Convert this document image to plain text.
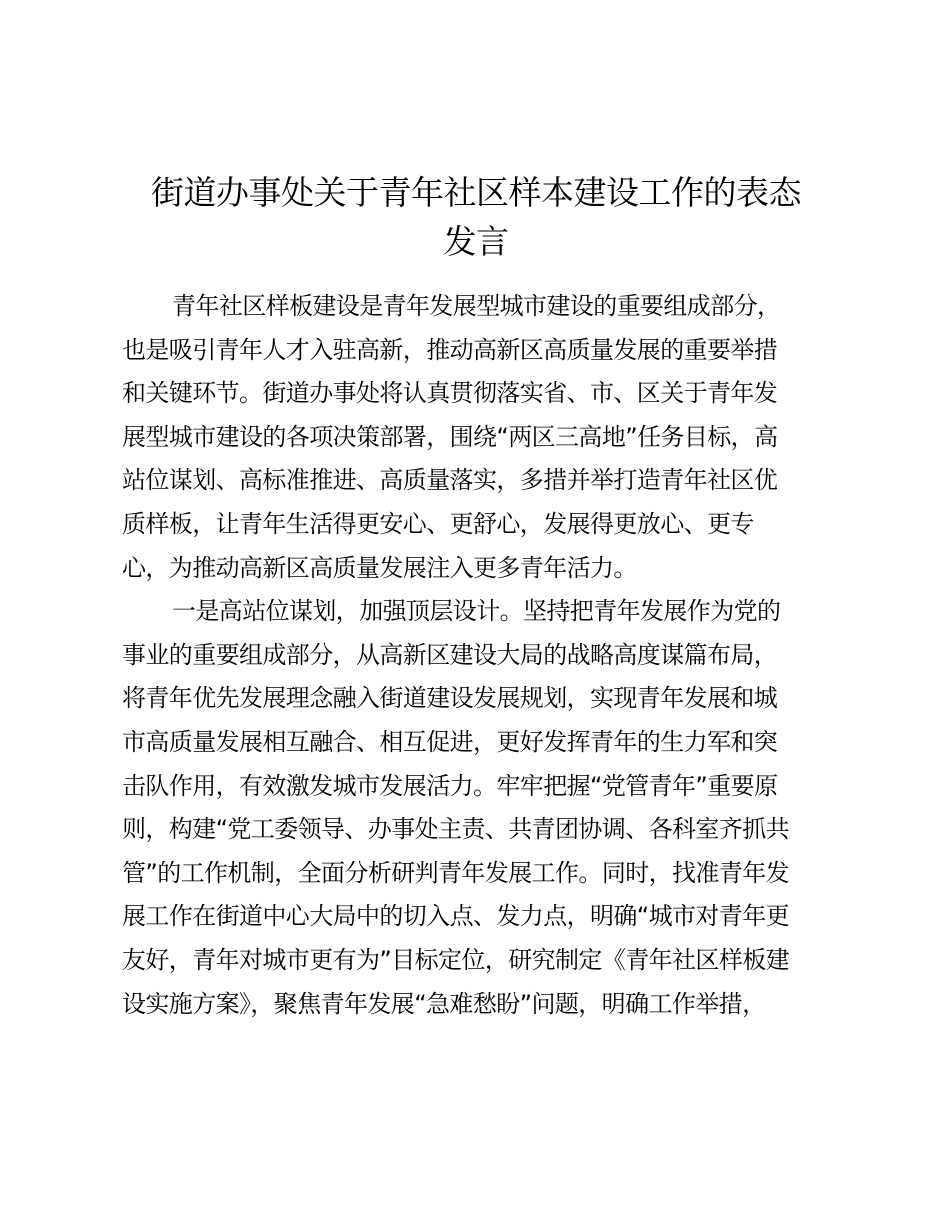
街道办事处关于青年社区样本建设工作的表态
发言
青年社区样板建设是青年发展型城市建设的重要组成部分，
也是吸引青年人才入驻高新，推动高新区高质量发展的重要举措
和关键环节。街道办事处将认真贯彻落实省、市、区关于青年发
展型城市建设的各项决策部署，围绕“两区三高地”任务目标，高
站位谋划、高标准推进、高质量落实，多措并举打造青年社区优
质样板，让青年生活得更安心、更舒心，发展得更放心、更专
心，为推动高新区高质量发展注入更多青年活力。
一是高站位谋划，加强顶层设计。坚持把青年发展作为党的
事业的重要组成部分，从高新区建设大局的战略高度谋篇布局，
将青年优先发展理念融入街道建设发展规划，实现青年发展和城
市高质量发展相互融合、相互促进，更好发挥青年的生力军和突
击队作用，有效激发城市发展活力。牢牢把握“党管青年”重要原
则，构建“党工委领导、办事处主责、共青团协调、各科室齐抓共
管”的工作机制，全面分析研判青年发展工作。同时，找准青年发
展工作在街道中心大局中的切入点、发力点，明确“城市对青年更
友好，青年对城市更有为”目标定位，研究制定《青年社区样板建
设实施方案》，聚焦青年发展“急难愁盼”问题，明确工作举措，
